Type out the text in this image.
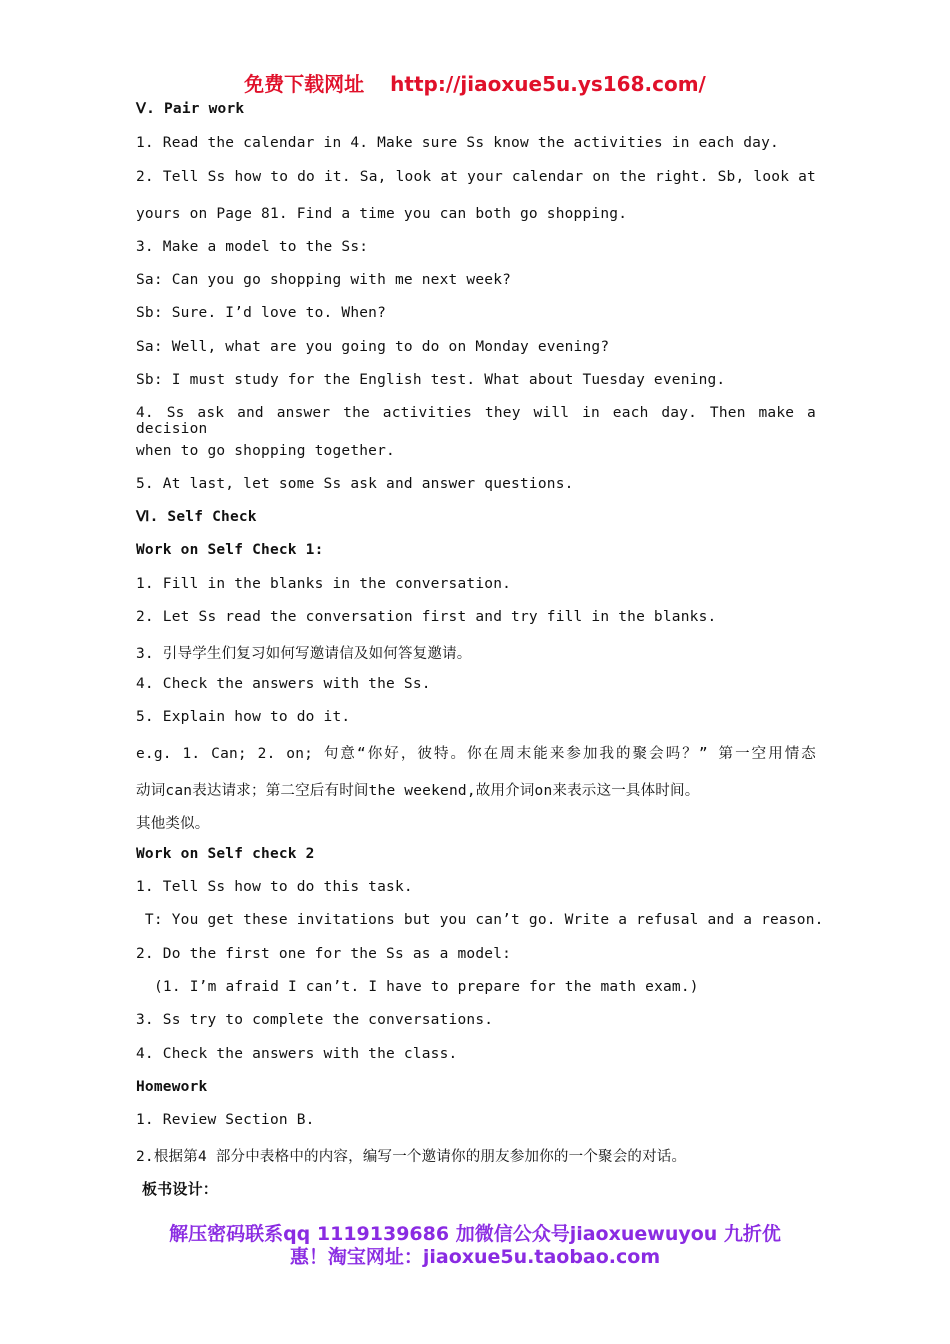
免费下载网址 http://jiaoxue5u.ys168.com/
Ⅴ. Pair work
1. Read the calendar in 4. Make sure Ss know the activities in each day.
2. Tell Ss how to do it. Sa, look at your calendar on the right. Sb, look at
yours on Page 81. Find a time you can both go shopping.
3. Make a model to the Ss:
Sa: Can you go shopping with me next week?
Sb: Sure. I’d love to. When?
Sa: Well, what are you going to do on Monday evening?
Sb: I must study for the English test. What about Tuesday evening.
4. Ss ask and answer the activities they will in each day. Then make a decision
when to go shopping together.
5. At last, let some Ss ask and answer questions.
Ⅵ. Self Check
Work on Self Check 1:
1. Fill in the blanks in the conversation.
2. Let Ss read the conversation first and try fill in the blanks.
3. 引导学生们复习如何写邀请信及如何答复邀请。
4. Check the answers with the Ss.
5. Explain how to do it.
e.g. 1. Can; 2. on; 句意“你好，彼特。你在周末能来参加我的聚会吗？” 第一空用情态
动词can表达请求；第二空后有时间the weekend,故用介词on来表示这一具体时间。
其他类似。
Work on Self check 2
1. Tell Ss how to do this task.
T: You get these invitations but you can’t go. Write a refusal and a reason.
2. Do the first one for the Ss as a model:
(1. I’m afraid I can’t. I have to prepare for the math exam.)
3. Ss try to complete the conversations.
4. Check the answers with the class.
Homework
1. Review Section B.
2.根据第4 部分中表格中的内容，编写一个邀请你的朋友参加你的一个聚会的对话。
板书设计：
解压密码联系qq 1119139686 加微信公众号jiaoxuewuyou 九折优
惠！淘宝网址：jiaoxue5u.taobao.com
